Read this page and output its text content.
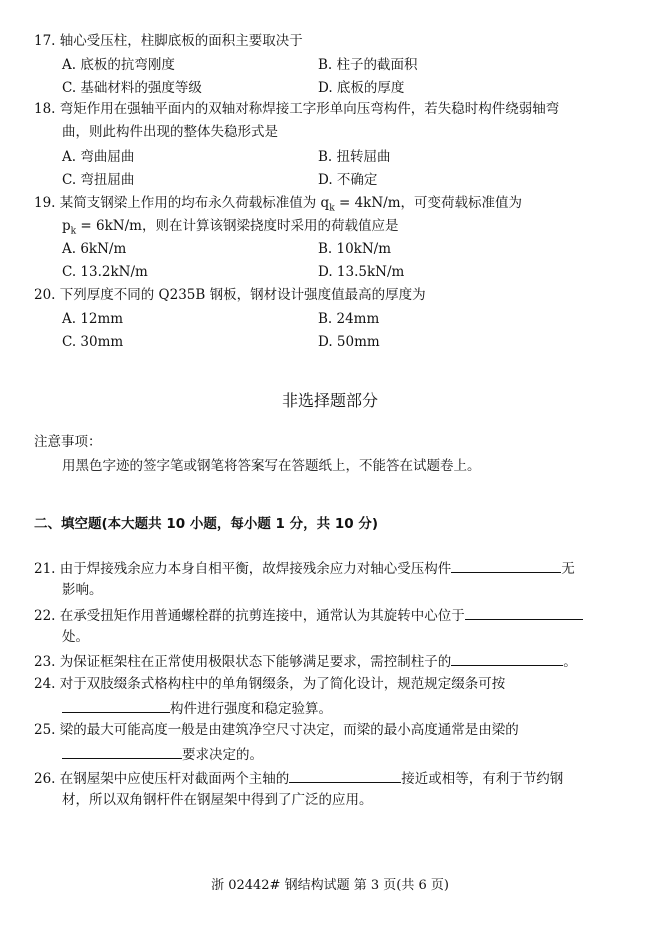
17. 轴心受压柱，柱脚底板的面积主要取决于

A. 底板的抗弯刚度	B. 柱子的截面积

C. 基础材料的强度等级	D. 底板的厚度

18. 弯矩作用在强轴平面内的双轴对称焊接工字形单向压弯构件，若失稳时构件绕弱轴弯

曲，则此构件出现的整体失稳形式是

A. 弯曲屈曲	B. 扭转屈曲

C. 弯扭屈曲	D. 不确定

19. 某简支钢梁上作用的均布永久荷载标准值为 $q_k = 4kN/m$，可变荷载标准值为

$p_k = 6kN/m$，则在计算该钢梁挠度时采用的荷载值应是

A. 6kN/m	B. 10kN/m

C. 13.2kN/m	D. 13.5kN/m

20. 下列厚度不同的 Q235B 钢板，钢材设计强度值最高的厚度为

A. 12mm	B. 24mm

C. 30mm	D. 50mm

非选择题部分
注意事项：
用黑色字迹的签字笔或钢笔将答案写在答题纸上，不能答在试题卷上。
二、填空题(本大题共 10 小题，每小题 1 分，共 10 分)

21. 由于焊接残余应力本身自相平衡，故焊接残余应力对轴心受压构件	无

影响。

22. 在承受扭矩作用普通螺栓群的抗剪连接中，通常认为其旋转中心位于

处。

23. 为保证框架柱在正常使用极限状态下能够满足要求，需控制柱子的	。

24. 对于双肢缀条式格构柱中的单角钢缀条，为了简化设计，规范规定缀条可按

构件进行强度和稳定验算。

25. 梁的最大可能高度一般是由建筑净空尺寸决定，而梁的最小高度通常是由梁的

要求决定的。

26. 在钢屋架中应使压杆对截面两个主轴的	接近或相等，有利于节约钢

材，所以双角钢杆件在钢屋架中得到了广泛的应用。

浙 02442# 钢结构试题 第 3 页(共 6 页)
